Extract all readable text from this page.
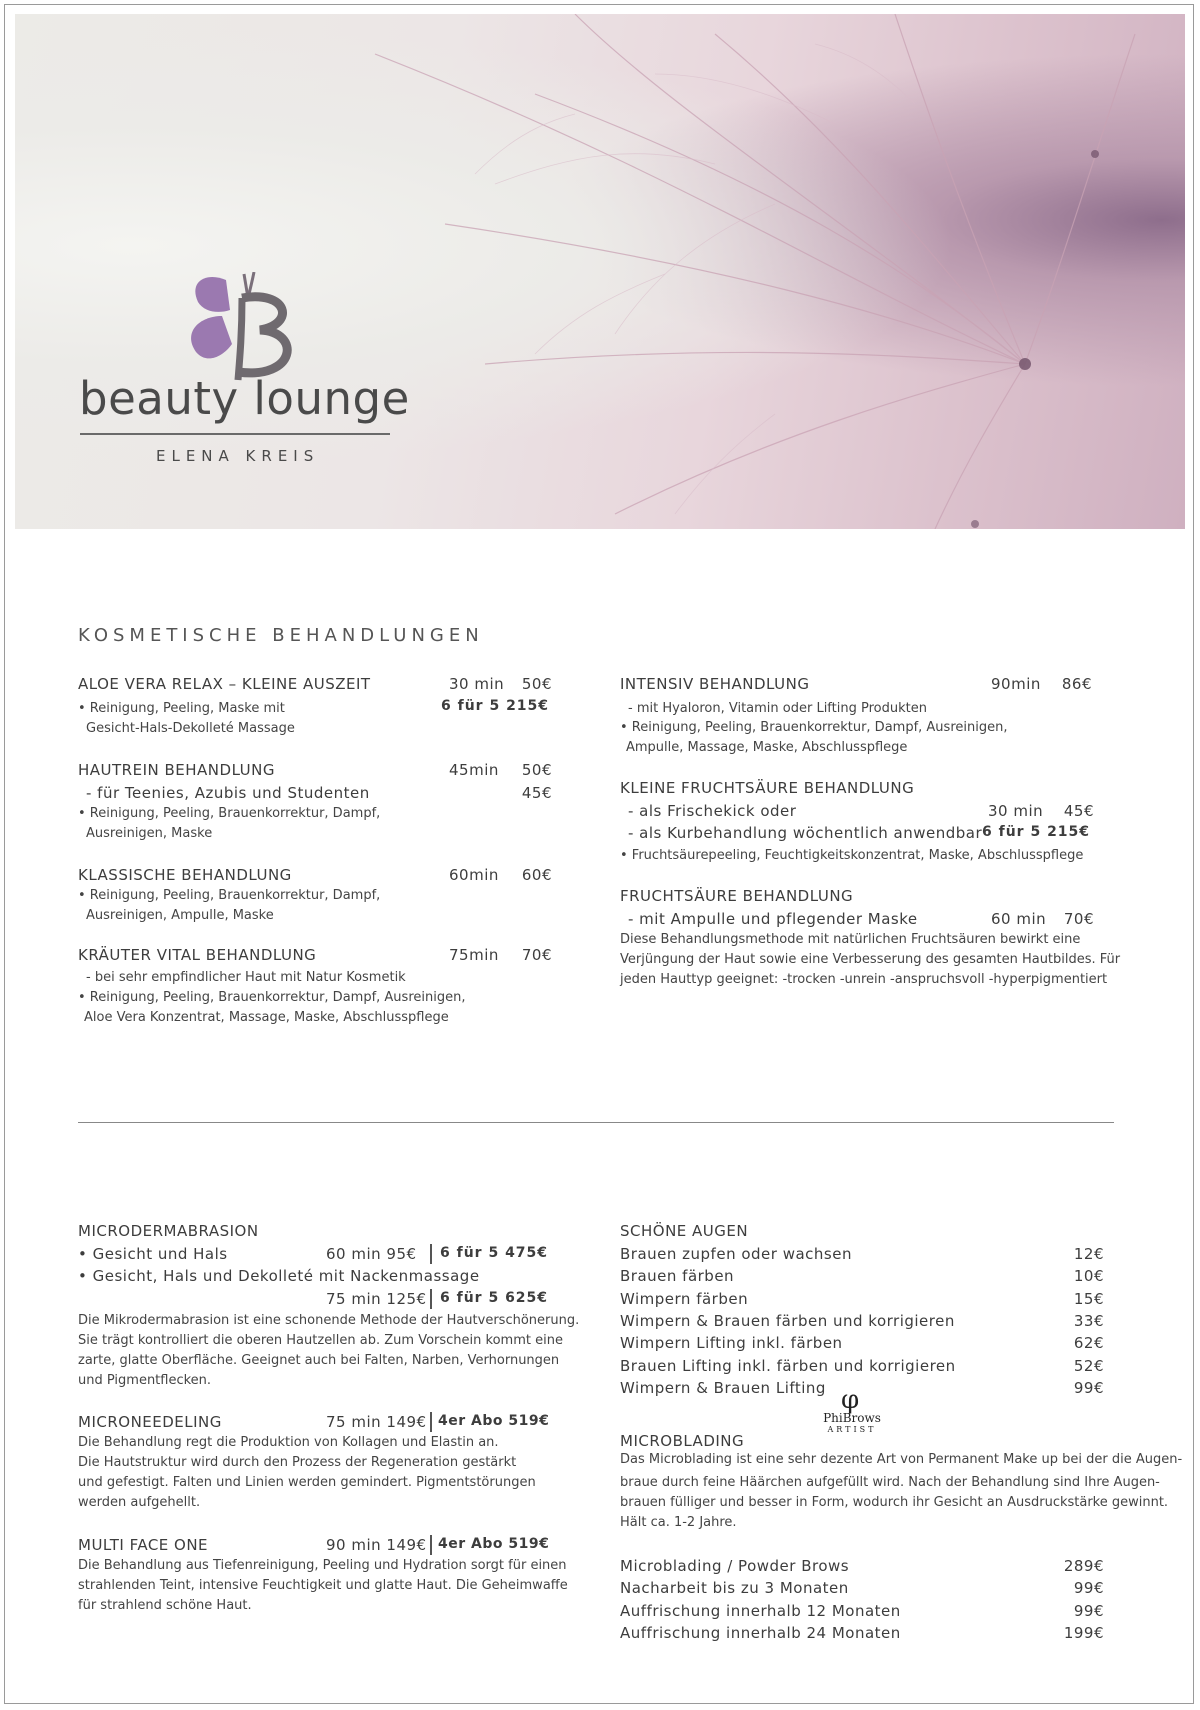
beauty lounge
ELENA KREIS
KOSMETISCHE BEHANDLUNGEN
ALOE VERA RELAX – KLEINE AUSZEIT	30 min	50€
• Reinigung, Peeling, Maske mit	6 für 5 215€
Gesicht-Hals-Dekolleté Massage
HAUTREIN BEHANDLUNG	45min	50€
- für Teenies, Azubis und Studenten	45€
• Reinigung, Peeling, Brauenkorrektur, Dampf,
Ausreinigen, Maske
KLASSISCHE BEHANDLUNG	60min	60€
• Reinigung, Peeling, Brauenkorrektur, Dampf,
Ausreinigen, Ampulle, Maske
KRÄUTER VITAL BEHANDLUNG	75min	70€
- bei sehr empfindlicher Haut mit Natur Kosmetik
• Reinigung, Peeling, Brauenkorrektur, Dampf, Ausreinigen,
Aloe Vera Konzentrat, Massage, Maske, Abschlusspflege
INTENSIV BEHANDLUNG	90min	86€
- mit Hyaloron, Vitamin oder Lifting Produkten
• Reinigung, Peeling, Brauenkorrektur, Dampf, Ausreinigen,
Ampulle, Massage, Maske, Abschlusspflege
KLEINE FRUCHTSÄURE BEHANDLUNG
- als Frischekick oder	30 min	45€
- als Kurbehandlung wöchentlich anwendbar 6 für 5 215€
• Fruchtsäurepeeling, Feuchtigkeitskonzentrat, Maske, Abschlusspflege
FRUCHTSÄURE BEHANDLUNG
- mit Ampulle und pflegender Maske	60 min	70€
Diese Behandlungsmethode mit natürlichen Fruchtsäuren bewirkt eine
Verjüngung der Haut sowie eine Verbesserung des gesamten Hautbildes. Für
jeden Hauttyp geeignet: -trocken -unrein -anspruchsvoll -hyperpigmentiert
MICRODERMABRASION
• Gesicht und Hals	60 min 95€ 6 für 5 475€
• Gesicht, Hals und Dekolleté mit Nackenmassage
75 min 125€ 6 für 5 625€
Die Mikrodermabrasion ist eine schonende Methode der Hautverschönerung.
Sie trägt kontrolliert die oberen Hautzellen ab. Zum Vorschein kommt eine
zarte, glatte Oberfläche. Geeignet auch bei Falten, Narben, Verhornungen
und Pigmentflecken.
MICRONEEDELING	75 min 149€ 4er Abo 519€
Die Behandlung regt die Produktion von Kollagen und Elastin an.
Die Hautstruktur wird durch den Prozess der Regeneration gestärkt
und gefestigt. Falten und Linien werden gemindert. Pigmentstörungen
werden aufgehellt.
MULTI FACE ONE	90 min 149€ 4er Abo 519€
Die Behandlung aus Tiefenreinigung, Peeling und Hydration sorgt für einen
strahlenden Teint, intensive Feuchtigkeit und glatte Haut. Die Geheimwaffe
für strahlend schöne Haut.
SCHÖNE AUGEN
Brauen zupfen oder wachsen	12€
Brauen färben	10€
Wimpern färben	15€
Wimpern & Brauen färben und korrigieren	33€
Wimpern Lifting inkl. färben	62€
Brauen Lifting inkl. färben und korrigieren	52€
Wimpern & Brauen Lifting	99€
MICROBLADING
φ
PhiBrows
ARTIST
Das Microblading ist eine sehr dezente Art von Permanent Make up bei der die Augen-
braue durch feine Häärchen aufgefüllt wird. Nach der Behandlung sind Ihre Augen-
brauen fülliger und besser in Form, wodurch ihr Gesicht an Ausdruckstärke gewinnt.
Hält ca. 1-2 Jahre.
Microblading / Powder Brows	289€
Nacharbeit bis zu 3 Monaten	99€
Auffrischung innerhalb 12 Monaten	99€
Auffrischung innerhalb 24 Monaten	199€
